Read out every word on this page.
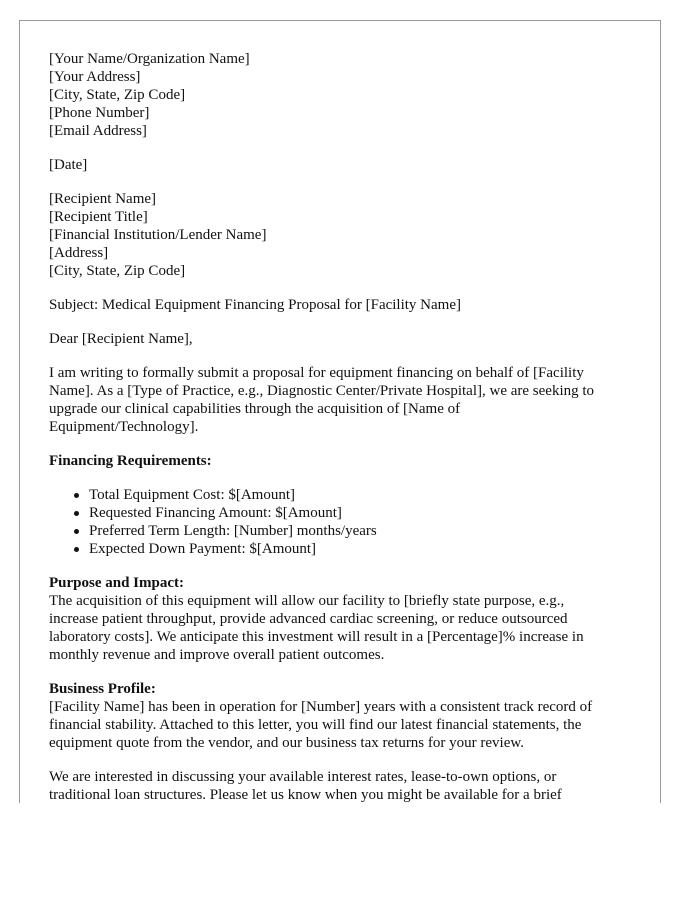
[Your Name/Organization Name]
[Your Address]
[City, State, Zip Code]
[Phone Number]
[Email Address]
[Date]
[Recipient Name]
[Recipient Title]
[Financial Institution/Lender Name]
[Address]
[City, State, Zip Code]
Subject: Medical Equipment Financing Proposal for [Facility Name]
Dear [Recipient Name],
I am writing to formally submit a proposal for equipment financing on behalf of [Facility
Name]. As a [Type of Practice, e.g., Diagnostic Center/Private Hospital], we are seeking to
upgrade our clinical capabilities through the acquisition of [Name of
Equipment/Technology].
Financing Requirements:
Total Equipment Cost: $[Amount]
Requested Financing Amount: $[Amount]
Preferred Term Length: [Number] months/years
Expected Down Payment: $[Amount]
Purpose and Impact:
The acquisition of this equipment will allow our facility to [briefly state purpose, e.g.,
increase patient throughput, provide advanced cardiac screening, or reduce outsourced
laboratory costs]. We anticipate this investment will result in a [Percentage]% increase in
monthly revenue and improve overall patient outcomes.
Business Profile:
[Facility Name] has been in operation for [Number] years with a consistent track record of
financial stability. Attached to this letter, you will find our latest financial statements, the
equipment quote from the vendor, and our business tax returns for your review.
We are interested in discussing your available interest rates, lease-to-own options, or
traditional loan structures. Please let us know when you might be available for a brief
